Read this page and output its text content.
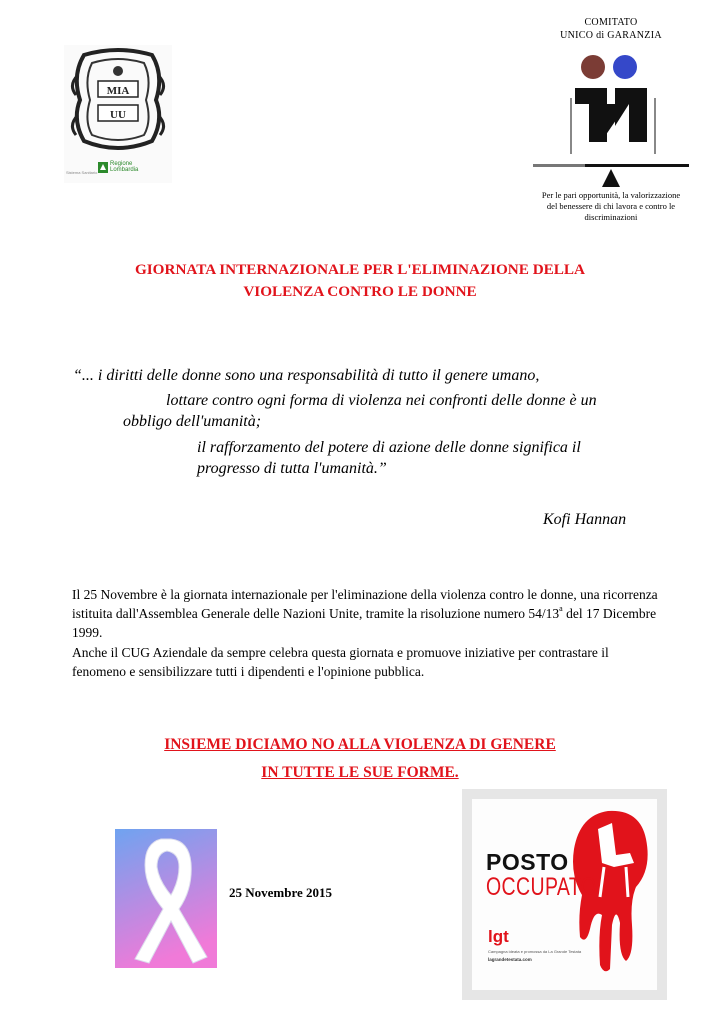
MIA
UU
Regione
Lombardia
Sistema Sanitario
COMITATO
UNICO di GARANZIA
Per le pari opportunità, la valorizzazione
del benessere di chi lavora e contro le
discriminazioni
GIORNATA INTERNAZIONALE PER L'ELIMINAZIONE DELLA
VIOLENZA CONTRO LE DONNE
“... i diritti delle donne sono una responsabilità di tutto il genere umano,
lottare contro ogni forma di violenza nei confronti delle donne è un
obbligo dell'umanità;
il rafforzamento del potere di azione delle donne significa il
progresso di tutta l'umanità.”
Kofi Hannan
Il 25 Novembre è la giornata internazionale per l'eliminazione della violenza contro le donne, una ricorrenza istituita dall'Assemblea Generale delle Nazioni Unite, tramite la risoluzione numero 54/13$^a$ del 17 Dicembre 1999.
Anche il CUG Aziendale da sempre celebra questa giornata e promuove iniziative per contrastare il fenomeno e sensibilizzare tutti i dipendenti e l'opinione pubblica.
INSIEME DICIAMO NO ALLA VIOLENZA DI GENERE
IN TUTTE LE SUE FORME.
25 Novembre 2015
POSTO
OCCUPATO
lgt
Campagna ideata e promossa da La Grande Testata
lagrandetestata.com
